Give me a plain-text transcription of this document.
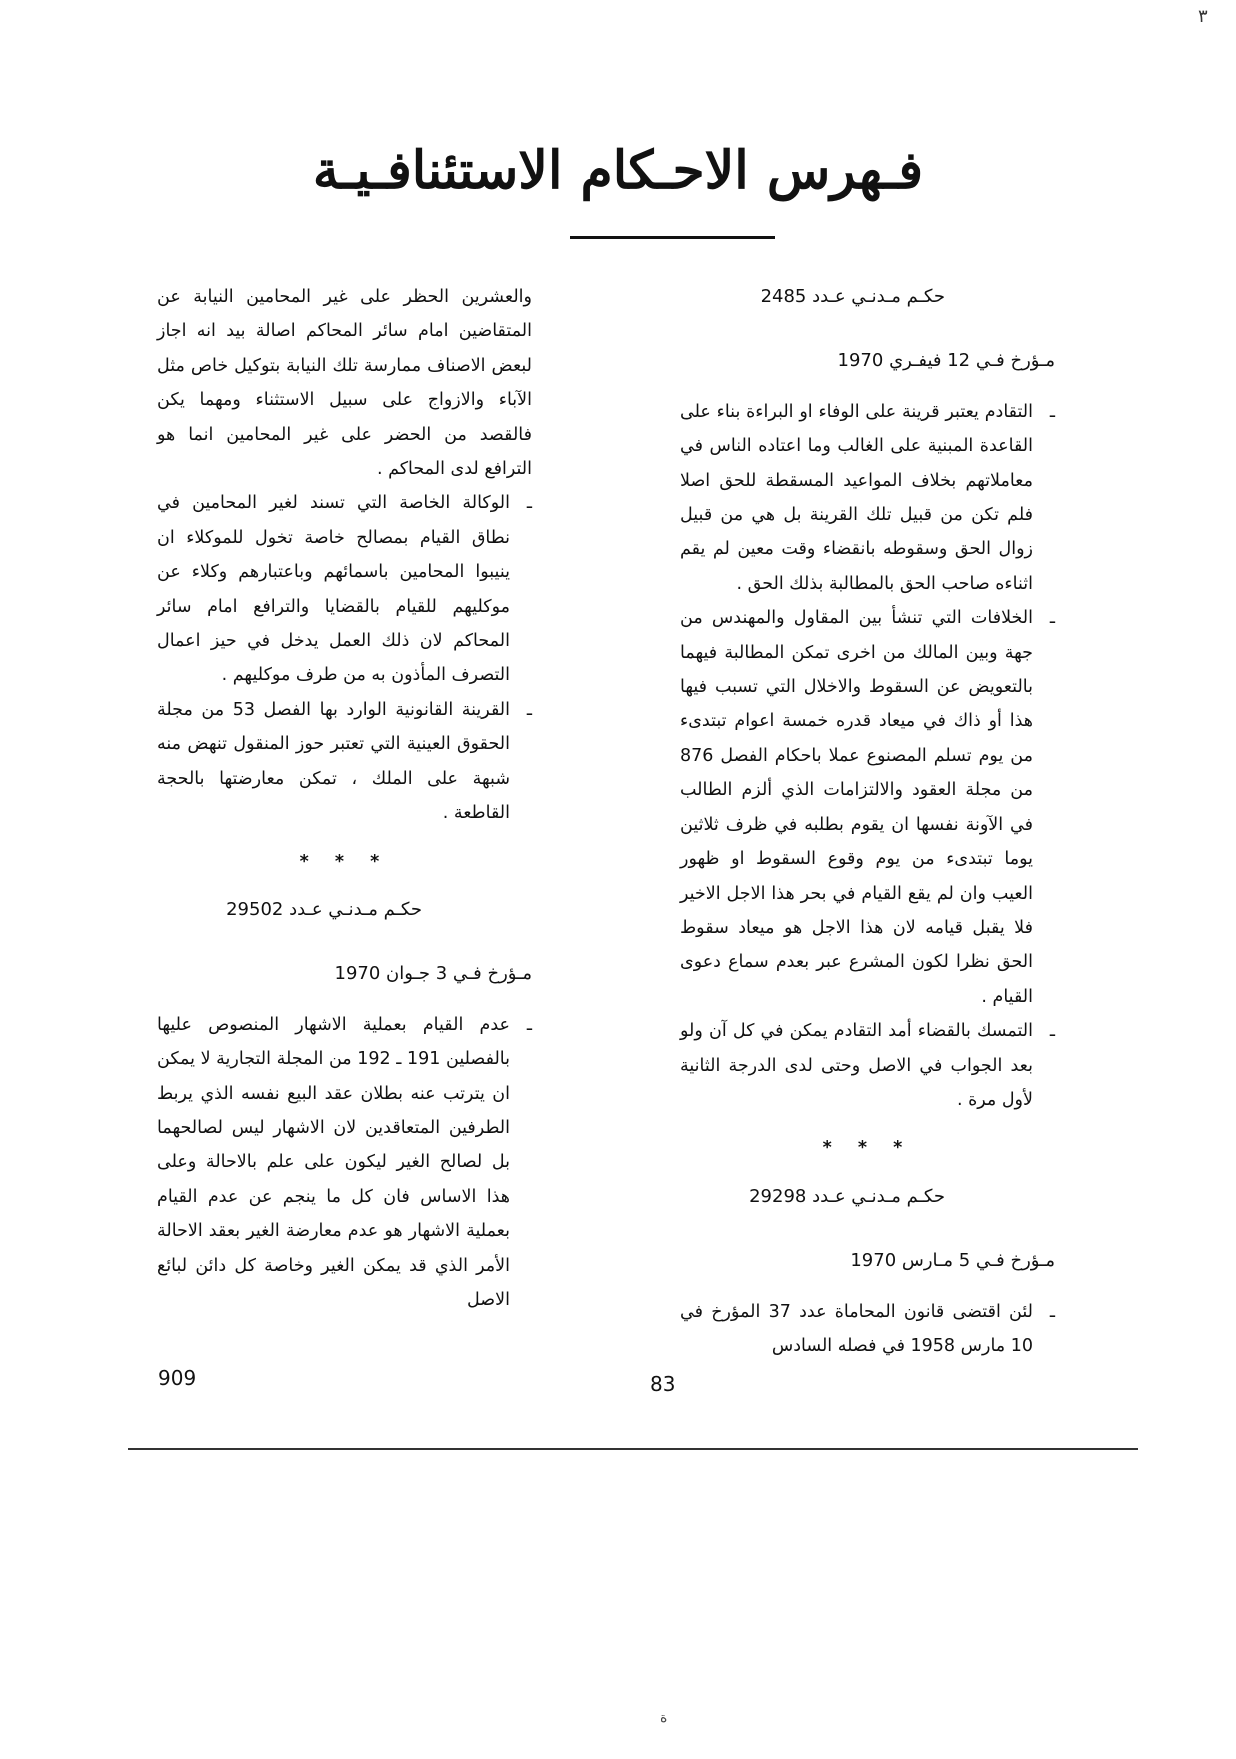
فـهرس الاحـكام الاستئنافـيـة
٣

حكـم مـدنـي عـدد 2485

مـؤرخ فـي 12 فيفـري 1970

ـ
التقادم يعتبر قرينة على الوفاء او البراءة بناء على القاعدة المبنية على الغالب وما اعتاده الناس في معاملاتهم بخلاف المواعيد المسقطة للحق اصلا فلم تكن من قبيل تلك القرينة بل هي من قبيل زوال الحق وسقوطه بانقضاء وقت معين لم يقم اثناءه صاحب الحق بالمطالبة بذلك الحق .

ـ
الخلافات التي تنشأ بين المقاول والمهندس من جهة وبين المالك من اخرى تمكن المطالبة فيهما بالتعويض عن السقوط والاخلال التي تسبب فيها هذا أو ذاك في ميعاد قدره خمسة اعوام تبتدىء من يوم تسلم المصنوع عملا باحكام الفصل 876 من مجلة العقود والالتزامات الذي ألزم الطالب في الآونة نفسها ان يقوم بطلبه في ظرف ثلاثين يوما تبتدىء من يوم وقوع السقوط او ظهور العيب وان لم يقع القيام في بحر هذا الاجل الاخير فلا يقبل قيامه لان هذا الاجل هو ميعاد سقوط الحق نظرا لكون المشرع عبر بعدم سماع دعوى القيام .

ـ
التمسك بالقضاء أمد التقادم يمكن في كل آن ولو بعد الجواب في الاصل وحتى لدى الدرجة الثانية لأول مرة .

* * *

حكـم مـدنـي عـدد 29298

مـؤرخ فـي 5 مـارس 1970

ـ
لئن اقتضى قانون المحاماة عدد 37 المؤرخ في 10 مارس 1958 في فصله السادس

والعشرين الحظر على غير المحامين النيابة عن المتقاضين امام سائر المحاكم اصالة بيد انه اجاز لبعض الاصناف ممارسة تلك النيابة بتوكيل خاص مثل الآباء والازواج على سبيل الاستثناء ومهما يكن فالقصد من الحضر على غير المحامين انما هو الترافع لدى المحاكم .

ـ
الوكالة الخاصة التي تسند لغير المحامين في نطاق القيام بمصالح خاصة تخول للموكلاء ان ينيبوا المحامين باسمائهم وباعتبارهم وكلاء عن موكليهم للقيام بالقضايا والترافع امام سائر المحاكم لان ذلك العمل يدخل في حيز اعمال التصرف المأذون به من طرف موكليهم .

ـ
القرينة القانونية الوارد بها الفصل 53 من مجلة الحقوق العينية التي تعتبر حوز المنقول تنهض منه شبهة على الملك ، تمكن معارضتها بالحجة القاطعة .

* * *

حكـم مـدنـي عـدد 29502

مـؤرخ فـي 3 جـوان 1970

ـ
عدم القيام بعملية الاشهار المنصوص عليها بالفصلين 191 ـ 192 من المجلة التجارية لا يمكن ان يترتب عنه بطلان عقد البيع نفسه الذي يربط الطرفين المتعاقدين لان الاشهار ليس لصالحهما بل لصالح الغير ليكون على علم بالاحالة وعلى هذا الاساس فان كل ما ينجم عن عدم القيام بعملية الاشهار هو عدم معارضة الغير بعقد الاحالة الأمر الذي قد يمكن الغير وخاصة كل دائن لبائع الاصل

909	83
ة
